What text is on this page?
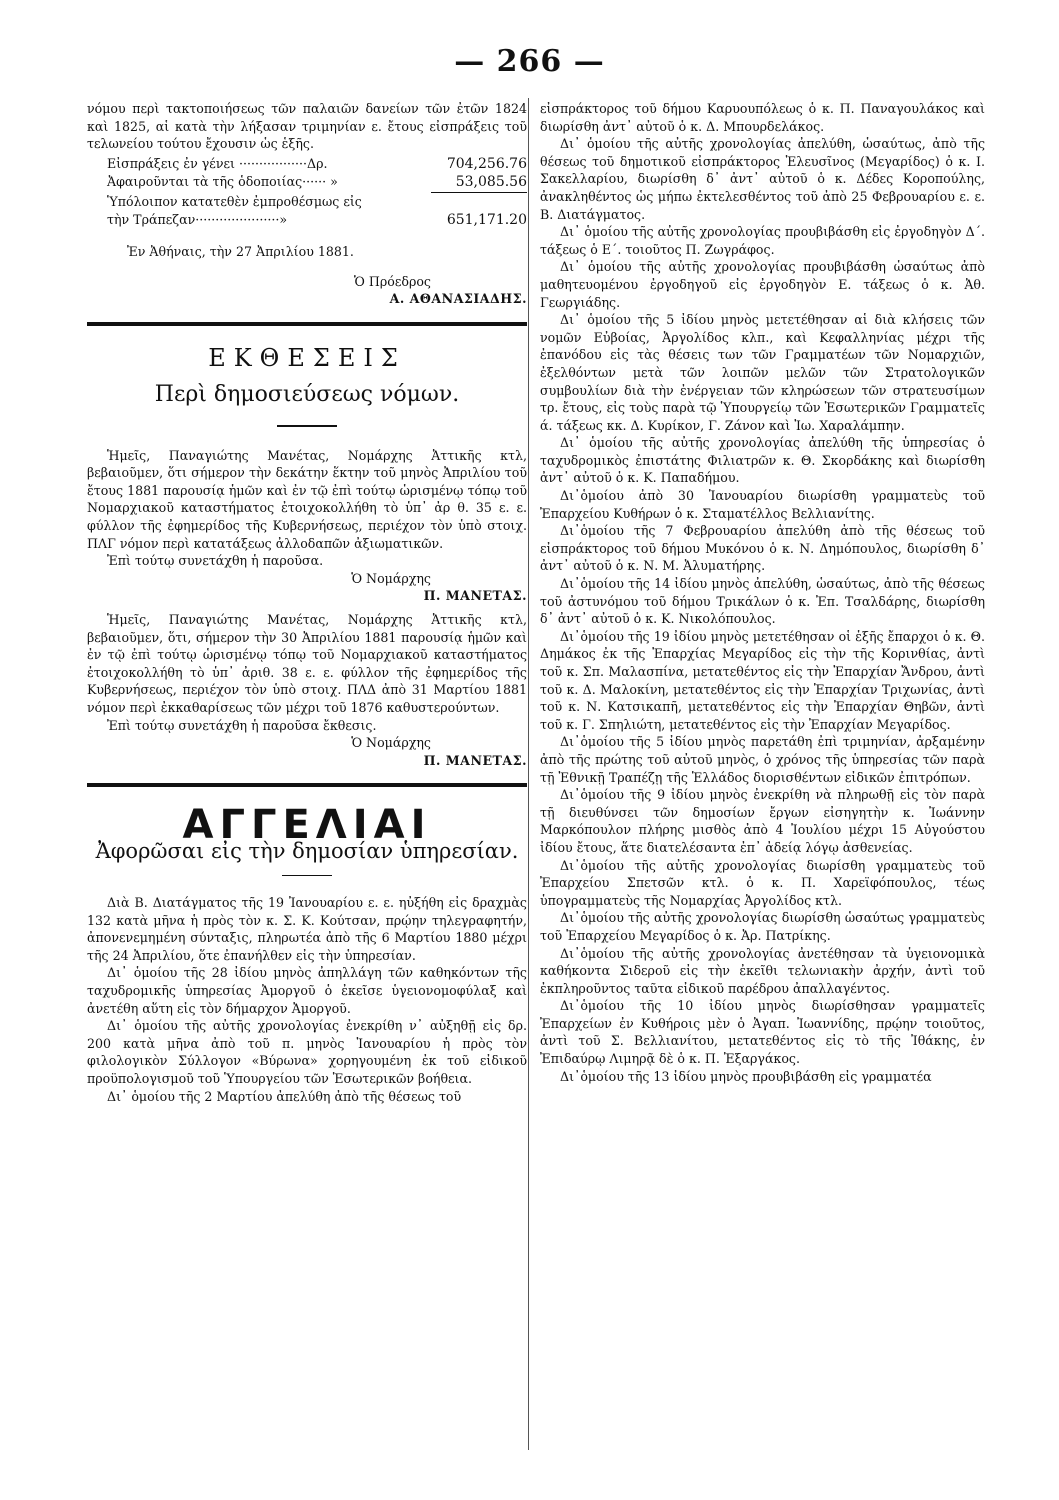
— 266 —

νόμου περὶ τακτοποιήσεως τῶν παλαιῶν δανείων τῶν ἐτῶν 1824 καὶ 1825, αἱ κατὰ τὴν λήξασαν τριμηνίαν ε. ἔτους εἰσπράξεις τοῦ τελωνείου τούτου ἔχουσιν ὡς ἑξῆς.

Εἰσπράξεις ἐν γένει ·················Δρ.	704,256.76
Ἀφαιροῦνται τὰ τῆς ὁδοποιίας······ »	53,085.56
Ὑπόλοιπον κατατεθὲν ἐμπροθέσμως εἰς
τὴν Τράπεζαν·····················»	651,171.20

Ἐν Ἀθήναις, τὴν 27 Ἀπριλίου 1881.

Ὁ Πρόεδρος
Α. ΑΘΑΝΑΣΙΑΔΗΣ.
ΕΚΘΕΣΕΙΣ
Περὶ δημοσιεύσεως νόμων.

Ἡμεῖς, Παναγιώτης Μανέτας, Νομάρχης Ἀττικῆς κτλ, βεβαιοῦμεν, ὅτι σήμερον τὴν δεκάτην ἕκτην τοῦ μηνὸς Ἀπριλίου τοῦ ἔτους 1881 παρουσίᾳ ἡμῶν καὶ ἐν τῷ ἐπὶ τούτῳ ὡρισμένῳ τόπῳ τοῦ Νομαρχιακοῦ καταστήματος ἐτοιχοκολλήθη τὸ ὑπ᾽ ἀρ θ. 35 ε. ε. φύλλον τῆς ἐφημερίδος τῆς Κυβερνήσεως, περιέχον τὸν ὑπὸ στοιχ. ΠΛΓ νόμον περὶ κατατάξεως ἀλλοδαπῶν ἀξιωματικῶν.

Ἐπὶ τούτῳ συνετάχθη ἡ παροῦσα.

Ὁ Νομάρχης
Π. ΜΑΝΕΤΑΣ.

Ἡμεῖς, Παναγιώτης Μανέτας, Νομάρχης Ἀττικῆς κτλ, βεβαιοῦμεν, ὅτι, σήμερον τὴν 30 Ἀπριλίου 1881 παρουσίᾳ ἡμῶν καὶ ἐν τῷ ἐπὶ τούτῳ ὡρισμένῳ τόπῳ τοῦ Νομαρχιακοῦ καταστήματος ἐτοιχοκολλήθη τὸ ὑπ᾽ ἀριθ. 38 ε. ε. φύλλον τῆς ἐφημερίδος τῆς Κυβερνήσεως, περιέχον τὸν ὑπὸ στοιχ. ΠΛΔ ἀπὸ 31 Μαρτίου 1881 νόμον περὶ ἐκκαθαρίσεως τῶν μέχρι τοῦ 1876 καθυστερούντων.

Ἐπὶ τούτῳ συνετάχθη ἡ παροῦσα ἔκθεσις.

Ὁ Νομάρχης
Π. ΜΑΝΕΤΑΣ.
ΑΓΓΕΛΙΑΙ
Ἀφορῶσαι εἰς τὴν δημοσίαν ὑπηρεσίαν.

Διὰ Β. Διατάγματος τῆς 19 Ἰανουαρίου ε. ε. ηὐξήθη εἰς δραχμὰς 132 κατὰ μῆνα ἡ πρὸς τὸν κ. Σ. Κ. Κούτσαν, πρῴην τηλεγραφητήν, ἀπονενεμημένη σύνταξις, πληρωτέα ἀπὸ τῆς 6 Μαρτίου 1880 μέχρι τῆς 24 Ἀπριλίου, ὅτε ἐπανήλθεν εἰς τὴν ὑπηρεσίαν.

Δι᾽ ὁμοίου τῆς 28 ἰδίου μηνὸς ἀπηλλάγη τῶν καθηκόντων τῆς ταχυδρομικῆς ὑπηρεσίας Ἀμοργοῦ ὁ ἐκεῖσε ὑγειονομοφύλαξ καὶ ἀνετέθη αὕτη εἰς τὸν δήμαρχον Ἀμοργοῦ.

Δι᾽ ὁμοίου τῆς αὐτῆς χρονολογίας ἐνεκρίθη ν᾽ αὐξηθῇ εἰς δρ. 200 κατὰ μῆνα ἀπὸ τοῦ π. μηνὸς Ἰανουαρίου ἡ πρὸς τὸν φιλολογικὸν Σύλλογον «Βύρωνα» χορηγουμένη ἐκ τοῦ εἰδικοῦ προϋπολογισμοῦ τοῦ Ὑπουργείου τῶν Ἐσωτερικῶν βοήθεια.

Δι᾽ ὁμοίου τῆς 2 Μαρτίου ἀπελύθη ἀπὸ τῆς θέσεως τοῦ

εἰσπράκτορος τοῦ δήμου Καρυουπόλεως ὁ κ. Π. Παναγουλάκος καὶ διωρίσθη ἀντ᾽ αὐτοῦ ὁ κ. Δ. Μπουρδελάκος.

Δι᾽ ὁμοίου τῆς αὐτῆς χρονολογίας ἀπελύθη, ὡσαύτως, ἀπὸ τῆς θέσεως τοῦ δημοτικοῦ εἰσπράκτορος Ἐλευσῖνος (Μεγαρίδος) ὁ κ. Ι. Σακελλαρίου, διωρίσθη δ᾽ ἀντ᾽ αὐτοῦ ὁ κ. Δέδες Κοροπούλης, ἀνακληθέντος ὡς μήπω ἐκτελεσθέντος τοῦ ἀπὸ 25 Φεβρουαρίου ε. ε. Β. Διατάγματος.

Δι᾽ ὁμοίου τῆς αὐτῆς χρονολογίας προυβιβάσθη εἰς ἐργοδηγὸν Δ΄. τάξεως ὁ Ε΄. τοιοῦτος Π. Ζωγράφος.

Δι᾽ ὁμοίου τῆς αὐτῆς χρονολογίας προυβιβάσθη ὡσαύτως ἀπὸ μαθητευομένου ἐργοδηγοῦ εἰς ἐργοδηγὸν Ε. τάξεως ὁ κ. Ἀθ. Γεωργιάδης.

Δι᾽ ὁμοίου τῆς 5 ἰδίου μηνὸς μετετέθησαν αἱ διὰ κλήσεις τῶν νομῶν Εὐβοίας, Ἀργολίδος κλπ., καὶ Κεφαλληνίας μέχρι τῆς ἐπανόδου εἰς τὰς θέσεις των τῶν Γραμματέων τῶν Νομαρχιῶν, ἐξελθόντων μετὰ τῶν λοιπῶν μελῶν τῶν Στρατολογικῶν συμβουλίων διὰ τὴν ἐνέργειαν τῶν κληρώσεων τῶν στρατευσίμων τρ. ἔτους, εἰς τοὺς παρὰ τῷ Ὑπουργείῳ τῶν Ἐσωτερικῶν Γραμματεῖς ά. τάξεως κκ. Δ. Κυρίκον, Γ. Ζάνον καὶ Ἰω. Χαραλάμπην.

Δι᾽ ὁμοίου τῆς αὐτῆς χρονολογίας ἀπελύθη τῆς ὑπηρεσίας ὁ ταχυδρομικὸς ἐπιστάτης Φιλιατρῶν κ. Θ. Σκορδάκης καὶ διωρίσθη ἀντ᾽ αὐτοῦ ὁ κ. Κ. Παπαδήμου.

Δι᾽ὁμοίου ἀπὸ 30 Ἰανουαρίου διωρίσθη γραμματεὺς τοῦ Ἐπαρχείου Κυθήρων ὁ κ. Σταματέλλος Βελλιανίτης.

Δι᾽ὁμοίου τῆς 7 Φεβρουαρίου ἀπελύθη ἀπὸ τῆς θέσεως τοῦ εἰσπράκτορος τοῦ δήμου Μυκόνου ὁ κ. Ν. Δημόπουλος, διωρίσθη δ᾽ ἀντ᾽ αὐτοῦ ὁ κ. Ν. Μ. Ἀλυματήρης.

Δι᾽ὁμοίου τῆς 14 ἰδίου μηνὸς ἀπελύθη, ὡσαύτως, ἀπὸ τῆς θέσεως τοῦ ἀστυνόμου τοῦ δήμου Τρικάλων ὁ κ. Ἐπ. Τσαλδάρης, διωρίσθη δ᾽ ἀντ᾽ αὐτοῦ ὁ κ. Κ. Νικολόπουλος.

Δι᾽ὁμοίου τῆς 19 ἰδίου μηνὸς μετετέθησαν οἱ ἑξῆς ἔπαρχοι ὁ κ. Θ. Δημάκος ἐκ τῆς Ἐπαρχίας Μεγαρίδος εἰς τὴν τῆς Κορινθίας, ἀντὶ τοῦ κ. Σπ. Μαλασπίνα, μετατεθέντος εἰς τὴν Ἐπαρχίαν Ἄνδρου, ἀντὶ τοῦ κ. Δ. Μαλοκίνη, μετατεθέντος εἰς τὴν Ἐπαρχίαν Τριχωνίας, ἀντὶ τοῦ κ. Ν. Κατσικαπῆ, μετατεθέντος εἰς τὴν Ἐπαρχίαν Θηβῶν, ἀντὶ τοῦ κ. Γ. Σπηλιώτη, μετατεθέντος εἰς τὴν Ἐπαρχίαν Μεγαρίδος.

Δι᾽ὁμοίου τῆς 5 ἰδίου μηνὸς παρετάθη ἐπὶ τριμηνίαν, ἀρξαμένην ἀπὸ τῆς πρώτης τοῦ αὐτοῦ μηνὸς, ὁ χρόνος τῆς ὑπηρεσίας τῶν παρὰ τῇ Ἐθνικῇ Τραπέζῃ τῆς Ἑλλάδος διορισθέντων εἰδικῶν ἐπιτρόπων.

Δι᾽ὁμοίου τῆς 9 ἰδίου μηνὸς ἐνεκρίθη νὰ πληρωθῇ εἰς τὸν παρὰ τῇ διευθύνσει τῶν δημοσίων ἔργων εἰσηγητὴν κ. Ἰωάννην Μαρκόπουλον πλήρης μισθὸς ἀπὸ 4 Ἰουλίου μέχρι 15 Αὐγούστου ἰδίου ἔτους, ἅτε διατελέσαντα ἐπ᾽ ἀδείᾳ λόγῳ ἀσθενείας.

Δι᾽ὁμοίου τῆς αὐτῆς χρονολογίας διωρίσθη γραμματεὺς τοῦ Ἐπαρχείου Σπετσῶν κτλ. ὁ κ. Π. Χαρεϊφόπουλος, τέως ὑπογραμματεὺς τῆς Νομαρχίας Ἀργολίδος κτλ.

Δι᾽ὁμοίου τῆς αὐτῆς χρονολογίας διωρίσθη ὡσαύτως γραμματεὺς τοῦ Ἐπαρχείου Μεγαρίδος ὁ κ. Ἀρ. Πατρίκης.

Δι᾽ὁμοίου τῆς αὐτῆς χρονολογίας ἀνετέθησαν τὰ ὑγειονομικὰ καθήκοντα Σιδεροῦ εἰς τὴν ἐκεῖθι τελωνιακὴν ἀρχήν, ἀντὶ τοῦ ἐκπληροῦντος ταῦτα εἰδικοῦ παρέδρου ἀπαλλαγέντος.

Δι᾽ὁμοίου τῆς 10 ἰδίου μηνὸς διωρίσθησαν γραμματεῖς Ἐπαρχείων ἐν Κυθήροις μὲν ὁ Ἀγαπ. Ἰωαννίδης, πρῴην τοιοῦτος, ἀντὶ τοῦ Σ. Βελλιανίτου, μετατεθέντος εἰς τὸ τῆς Ἰθάκης, ἐν Ἐπιδαύρῳ Λιμηρᾷ δὲ ὁ κ. Π. Ἐξαργάκος.

Δι᾽ὁμοίου τῆς 13 ἰδίου μηνὸς προυβιβάσθη εἰς γραμματέα
